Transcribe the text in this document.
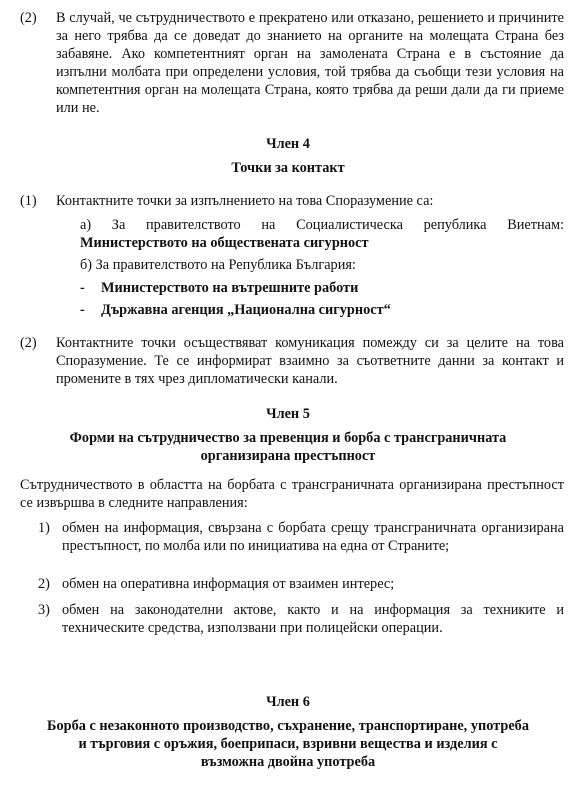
(2) В случай, че сътрудничеството е прекратено или отказано, решението и причините за него трябва да се доведат до знанието на органите на молещата Страна без забавяне. Ако компетентният орган на замолената Страна е в състояние да изпълни молбата при определени условия, той трябва да съобщи тези условия на компетентния орган на молещата Страна, която трябва да реши дали да ги приеме или не.
Член 4
Точки за контакт
(1) Контактните точки за изпълнението на това Споразумение са:
а) За правителството на Социалистическа република Виетнам:
Министерството на обществената сигурност
б) За правителството на Република България:
- Министерството на вътрешните работи
- Държавна агенция „Национална сигурност“
(2) Контактните точки осъществяват комуникация помежду си за целите на това Споразумение. Те се информират взаимно за съответните данни за контакт и промените в тях чрез дипломатически канали.
Член 5
Форми на сътрудничество за превенция и борба с трансграничната
организирана престъпност
Сътрудничеството в областта на борбата с трансграничната организирана престъпност се извършва в следните направления:
1) обмен на информация, свързана с борбата срещу трансграничната организирана престъпност, по молба или по инициатива на една от Страните;
2) обмен на оперативна информация от взаимен интерес;
3) обмен на законодателни актове, както и на информация за техниките и техническите средства, използвани при полицейски операции.
Член 6
Борба с незаконното производство, съхранение, транспортиране, употреба
и търговия с оръжия, боеприпаси, взривни вещества и изделия с
възможна двойна употреба
